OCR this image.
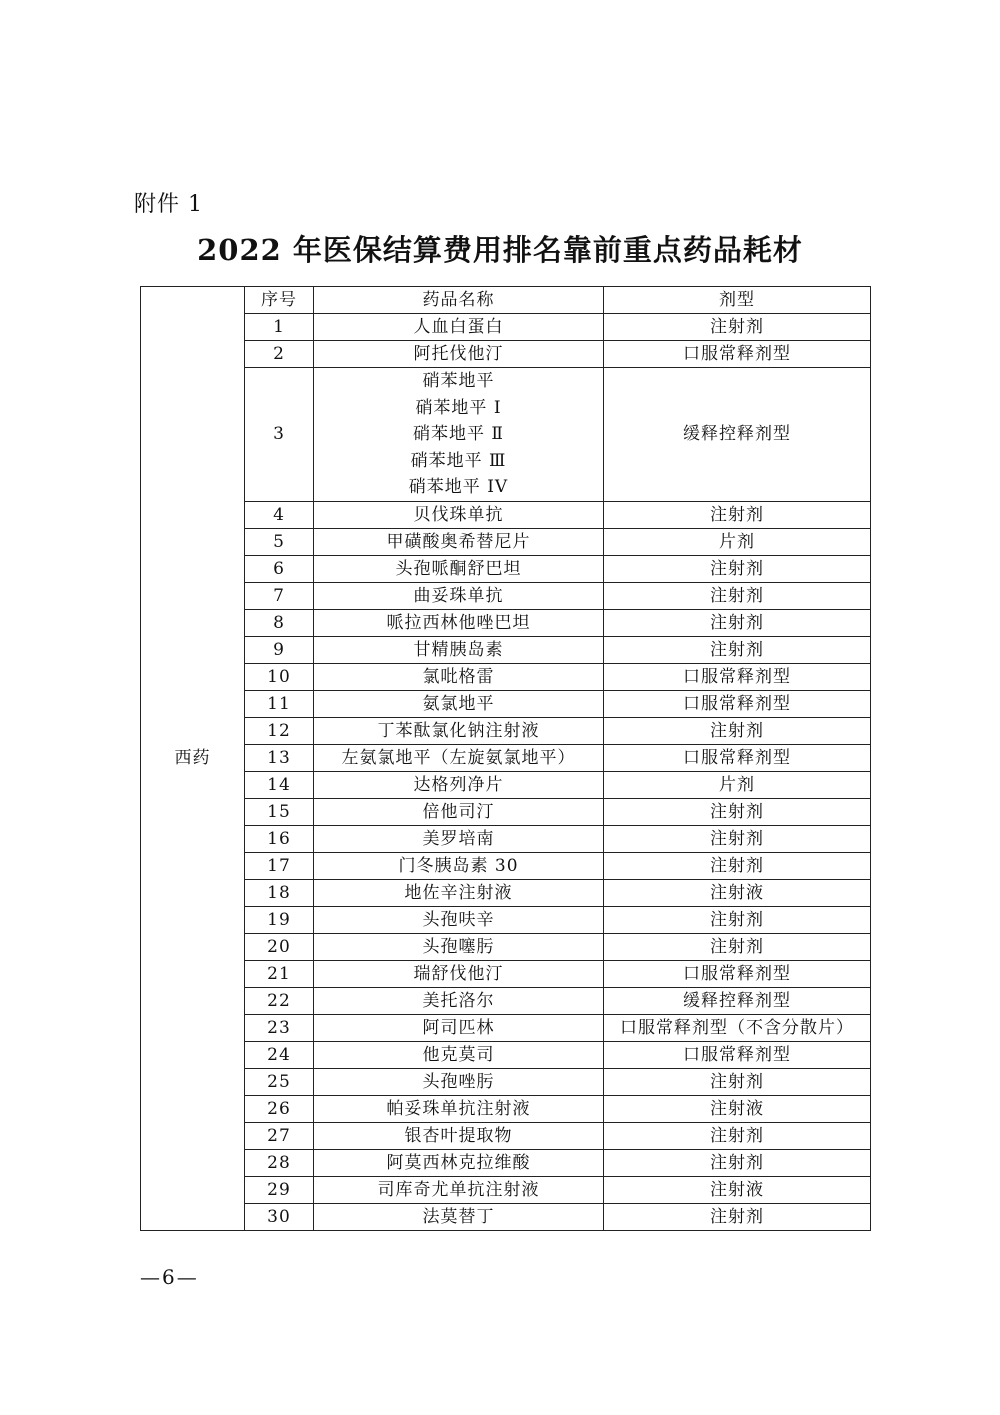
附件 1
2022 年医保结算费用排名靠前重点药品耗材
西药	序号	药品名称	剂型
	1	人血白蛋白	注射剂
	2	阿托伐他汀	口服常释剂型
	3	硝苯地平
硝苯地平 I
硝苯地平 Ⅱ
硝苯地平 Ⅲ
硝苯地平 IV	缓释控释剂型
	4	贝伐珠单抗	注射剂
	5	甲磺酸奥希替尼片	片剂
	6	头孢哌酮舒巴坦	注射剂
	7	曲妥珠单抗	注射剂
	8	哌拉西林他唑巴坦	注射剂
	9	甘精胰岛素	注射剂
	10	氯吡格雷	口服常释剂型
	11	氨氯地平	口服常释剂型
	12	丁苯酞氯化钠注射液	注射剂
	13	左氨氯地平（左旋氨氯地平）	口服常释剂型
	14	达格列净片	片剂
	15	倍他司汀	注射剂
	16	美罗培南	注射剂
	17	门冬胰岛素 30	注射剂
	18	地佐辛注射液	注射液
	19	头孢呋辛	注射剂
	20	头孢噻肟	注射剂
	21	瑞舒伐他汀	口服常释剂型
	22	美托洛尔	缓释控释剂型
	23	阿司匹林	口服常释剂型（不含分散片）
	24	他克莫司	口服常释剂型
	25	头孢唑肟	注射剂
	26	帕妥珠单抗注射液	注射液
	27	银杏叶提取物	注射剂
	28	阿莫西林克拉维酸	注射剂
	29	司库奇尤单抗注射液	注射液
	30	法莫替丁	注射剂
—6—
